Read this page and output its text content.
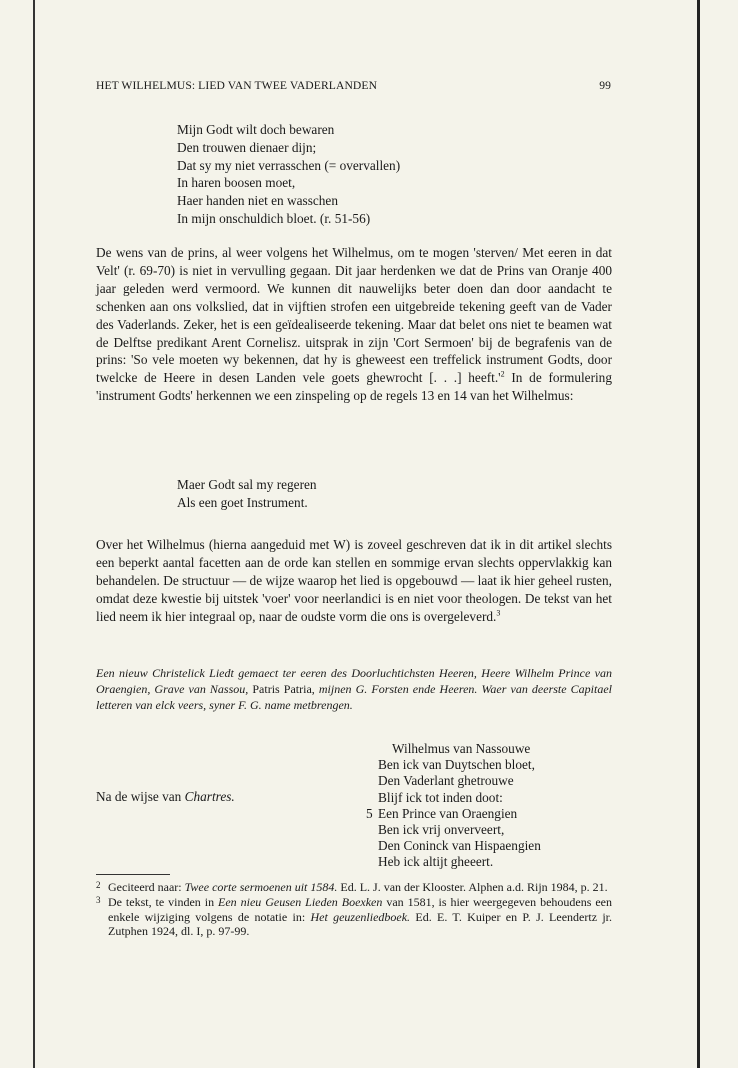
HET WILHELMUS: LIED VAN TWEE VADERLANDEN	99
Mijn Godt wilt doch bewaren
Den trouwen dienaer dijn;
Dat sy my niet verrasschen (= overvallen)
In haren boosen moet,
Haer handen niet en wasschen
In mijn onschuldich bloet. (r. 51-56)
De wens van de prins, al weer volgens het Wilhelmus, om te mogen 'sterven/ Met eeren in dat Velt' (r. 69-70) is niet in vervulling gegaan. Dit jaar herdenken we dat de Prins van Oranje 400 jaar geleden werd vermoord. We kunnen dit nauwelijks beter doen dan door aandacht te schenken aan ons volkslied, dat in vijftien strofen een uitgebreide tekening geeft van de Vader des Vaderlands. Zeker, het is een geïdealiseerde tekening. Maar dat belet ons niet te beamen wat de Delftse predikant Arent Cornelisz. uitsprak in zijn 'Cort Sermoen' bij de begrafenis van de prins: 'So vele moeten wy bekennen, dat hy is gheweest een treffelick instrument Godts, door twelcke de Heere in desen Landen vele goets ghewrocht [. . .] $heeft.'^2$ In de formulering 'instrument Godts' herkennen we een zinspeling op de regels 13 en 14 van het Wilhelmus:
Maer Godt sal my regeren
Als een goet Instrument.
Over het Wilhelmus (hierna aangeduid met W) is zoveel geschreven dat ik in dit artikel slechts een beperkt aantal facetten aan de orde kan stellen en sommige ervan slechts oppervlakkig kan behandelen. De structuur — de wijze waarop het lied is opgebouwd — laat ik hier geheel rusten, omdat deze kwestie bij uitstek 'voer' voor neerlandici is en niet voor theologen. De tekst van het lied neem ik hier integraal op, naar de oudste vorm die ons is overgeleverd.$^3$
Een nieuw Christelick Liedt gemaect ter eeren des Doorluchtichsten Heeren, Heere Wilhelm Prince van Oraengien, Grave van Nassou, Patris Patria, mijnen G. Forsten ende Heeren. Waer van deerste Capitael letteren van elck veers, syner F. G. name metbrengen.
Wilhelmus van Nassouwe
Ben ick van Duytschen bloet,
Den Vaderlant ghetrouwe
Blijf ick tot inden doot:
5 Een Prince van Oraengien
Ben ick vrij onverveert,
Den Coninck van Hispaengien
Heb ick altijt gheeert.
Na de wijse van Chartres.
2 Geciteerd naar: Twee corte sermoenen uit 1584. Ed. L. J. van der Klooster. Alphen a.d. Rijn 1984, p. 21.
3 De tekst, te vinden in Een nieu Geusen Lieden Boexken van 1581, is hier weergegeven behoudens een enkele wijziging volgens de notatie in: Het geuzenliedboek. Ed. E. T. Kuiper en P. J. Leendertz jr. Zutphen 1924, dl. I, p. 97-99.
